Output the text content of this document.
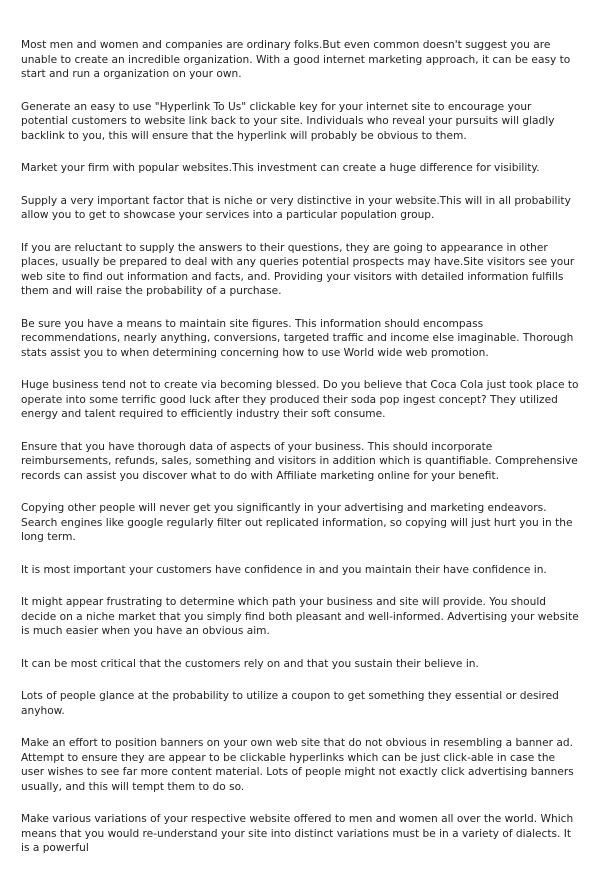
Most men and women and companies are ordinary folks.But even common doesn't suggest you are unable to create an incredible organization. With a good internet marketing approach, it can be easy to start and run a organization on your own.

Generate an easy to use "Hyperlink To Us" clickable key for your internet site to encourage your potential customers to website link back to your site. Individuals who reveal your pursuits will gladly backlink to you, this will ensure that the hyperlink will probably be obvious to them.

Market your firm with popular websites.This investment can create a huge difference for visibility.

Supply a very important factor that is niche or very distinctive in your website.This will in all probability allow you to get to showcase your services into a particular population group.

If you are reluctant to supply the answers to their questions, they are going to appearance in other places, usually be prepared to deal with any queries potential prospects may have.Site visitors see your web site to find out information and facts, and. Providing your visitors with detailed information fulfills them and will raise the probability of a purchase.

Be sure you have a means to maintain site figures. This information should encompass recommendations, nearly anything, conversions, targeted traffic and income else imaginable. Thorough stats assist you to when determining concerning how to use World wide web promotion.

Huge business tend not to create via becoming blessed. Do you believe that Coca Cola just took place to operate into some terrific good luck after they produced their soda pop ingest concept? They utilized energy and talent required to efficiently industry their soft consume.

Ensure that you have thorough data of aspects of your business. This should incorporate reimbursements, refunds, sales, something and visitors in addition which is quantifiable. Comprehensive records can assist you discover what to do with Affiliate marketing online for your benefit.

Copying other people will never get you significantly in your advertising and marketing endeavors. Search engines like google regularly filter out replicated information, so copying will just hurt you in the long term.

It is most important your customers have confidence in and you maintain their have confidence in.

It might appear frustrating to determine which path your business and site will provide. You should decide on a niche market that you simply find both pleasant and well-informed. Advertising your website is much easier when you have an obvious aim.

It can be most critical that the customers rely on and that you sustain their believe in.

Lots of people glance at the probability to utilize a coupon to get something they essential or desired anyhow.

Make an effort to position banners on your own web site that do not obvious in resembling a banner ad. Attempt to ensure they are appear to be clickable hyperlinks which can be just click-able in case the user wishes to see far more content material. Lots of people might not exactly click advertising banners usually, and this will tempt them to do so.

Make various variations of your respective website offered to men and women all over the world. Which means that you would re-understand your site into distinct variations must be in a variety of dialects. It is a powerful
